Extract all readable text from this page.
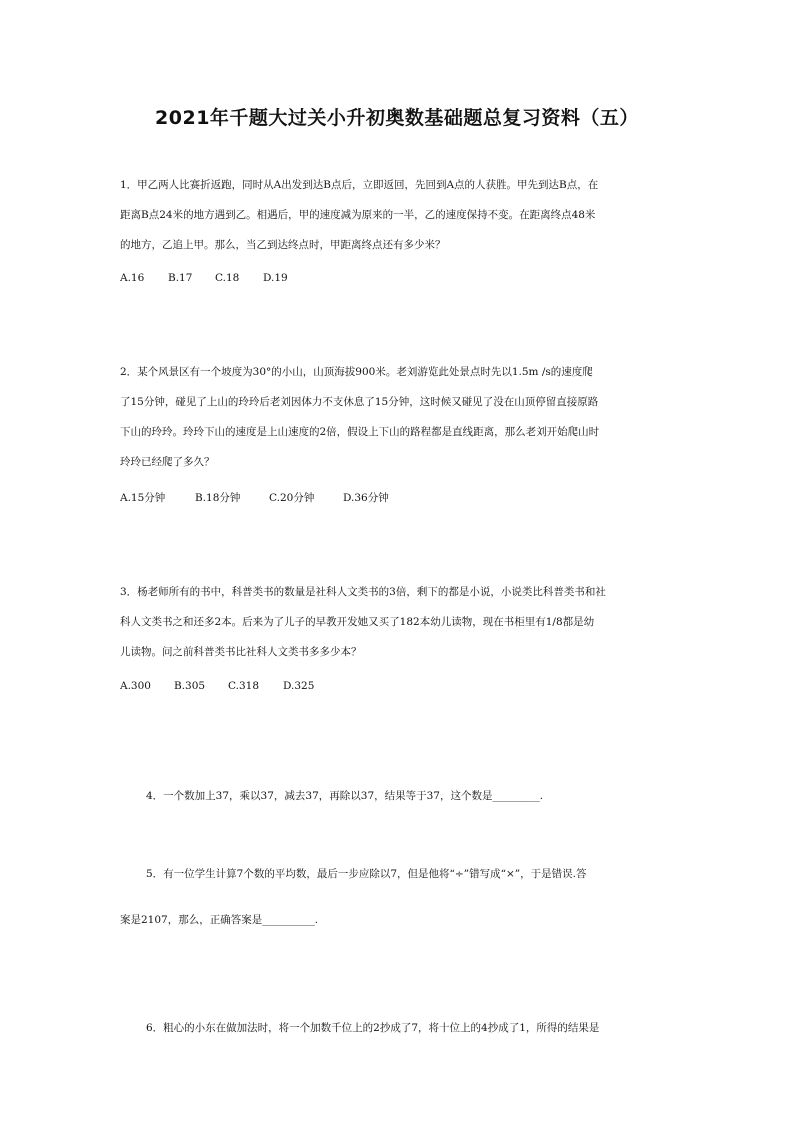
2021年千题大过关小升初奥数基础题总复习资料（五）
1．甲乙两人比赛折返跑，同时从A出发到达B点后，立即返回，先回到A点的人获胜。甲先到达B点，在
距离B点24米的地方遇到乙。相遇后，甲的速度减为原来的一半，乙的速度保持不变。在距离终点48米
的地方，乙追上甲。那么，当乙到达终点时，甲距离终点还有多少米？
A.16 B.17 C.18 D.19
2．某个风景区有一个坡度为30°的小山，山顶海拔900米。老刘游览此处景点时先以1.5m /s的速度爬
了15分钟，碰见了上山的玲玲后老刘因体力不支休息了15分钟，这时候又碰见了没在山顶停留直接原路
下山的玲玲。玲玲下山的速度是上山速度的2倍，假设上下山的路程都是直线距离，那么老刘开始爬山时
玲玲已经爬了多久？
A.15分钟	B.18分钟	C.20分钟	D.36分钟
3．杨老师所有的书中，科普类书的数量是社科人文类书的3倍，剩下的都是小说，小说类比科普类书和社
科人文类书之和还多2本。后来为了儿子的早教开发她又买了182本幼儿读物，现在书柜里有1/8都是幼
儿读物。问之前科普类书比社科人文类书多多少本？
A.300 B.305 C.318 D.325
4．一个数加上37，乘以37，减去37，再除以37，结果等于37，这个数是_________.
5．有一位学生计算7个数的平均数，最后一步应除以7，但是他将“÷”错写成“×”，于是错误.答
案是2107，那么，正确答案是__________.
6．粗心的小东在做加法时，将一个加数千位上的2抄成了7，将十位上的4抄成了1，所得的结果是
